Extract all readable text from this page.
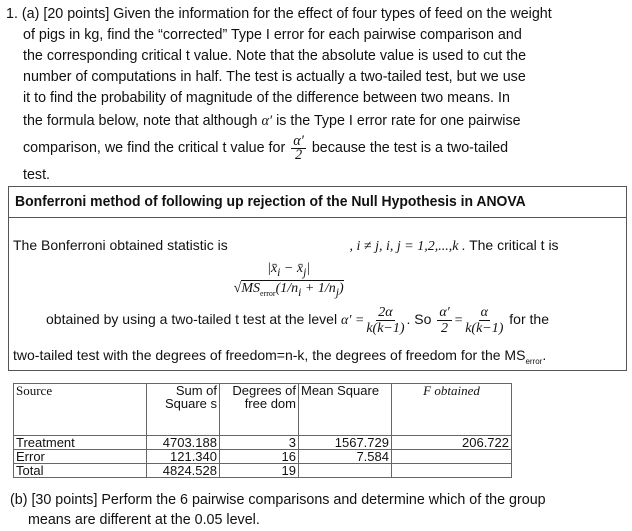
1. (a) [20 points] Given the information for the effect of four types of feed on the weight
of pigs in kg, find the “corrected” Type I error for each pairwise comparison and
the corresponding critical t value. Note that the absolute value is used to cut the
number of computations in half. The test is actually a two-tailed test, but we use
it to find the probability of magnitude of the difference between two means. In
the formula below, note that although α′ is the Type I error rate for one pairwise
comparison, we find the critical t value for $\frac{\alpha'}{2}$ because the test is a two-tailed
test.
Bonferroni method of following up rejection of the Null Hypothesis in ANOVA
The Bonferroni obtained statistic is
$\frac{|x̄_i - x̄_j|}{√MS_{error}(1/n_i + 1/n_j)}$
, i ≠ j, i, j = 1,2,...,k . The critical t is
obtained by using a two-tailed t test at the level $\alpha' = \frac{2\alpha}{k(k-1)}$ . So $\frac{\alpha'}{2} = \frac{\alpha}{k(k-1)}$ for the
two-tailed test with the degrees of freedom=n-k, the degrees of freedom for the $MS_{error}$.
Source	Sum of Square s	Degrees of free dom	Mean Square	F obtained
Treatment	4703.188	3	1567.729	206.722
Error	121.340	16	7.584	
Total	4824.528	19		
(b) [30 points] Perform the 6 pairwise comparisons and determine which of the group
means are different at the 0.05 level.
